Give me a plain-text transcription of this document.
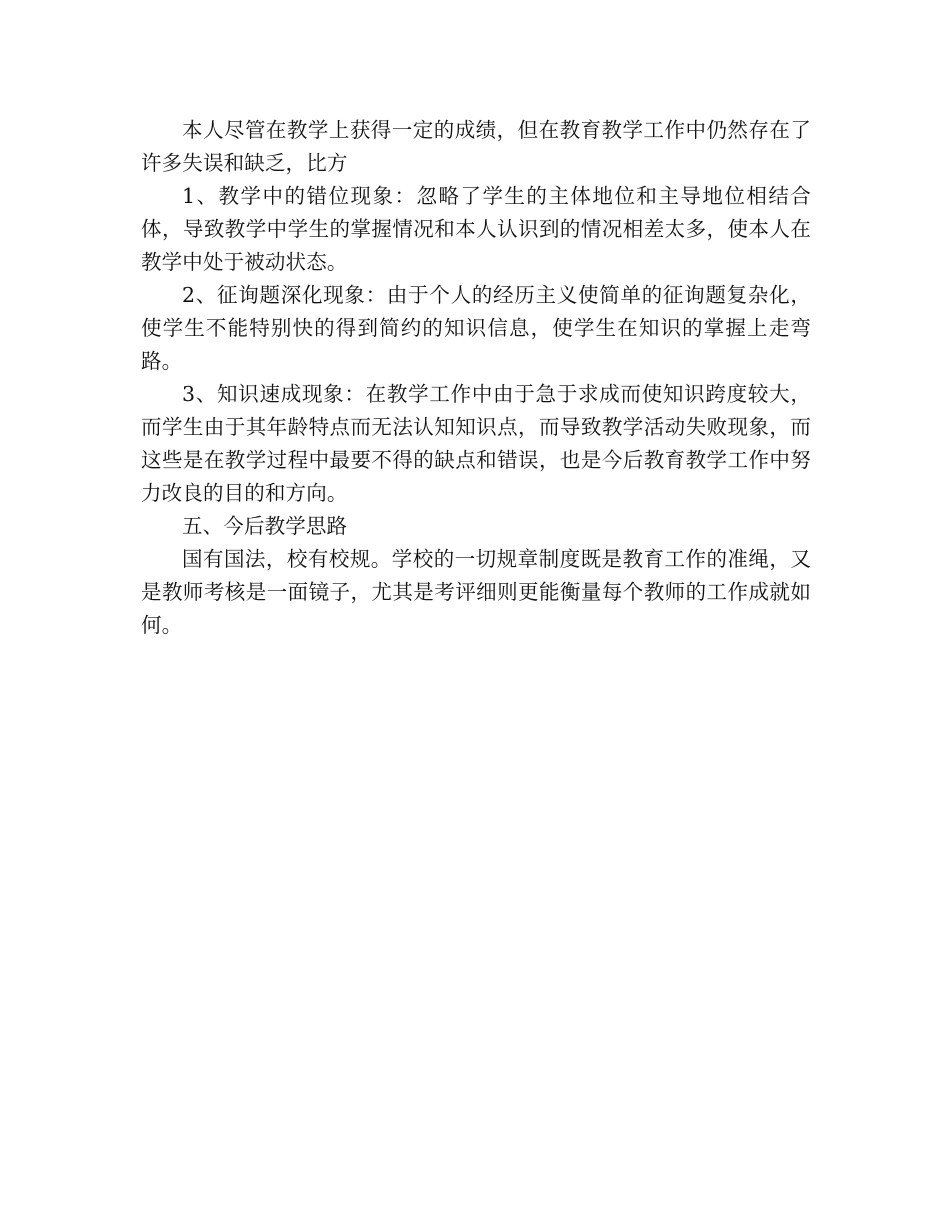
本人尽管在教学上获得一定的成绩，但在教育教学工作中仍然存在了许多失误和缺乏，比方

1、教学中的错位现象：忽略了学生的主体地位和主导地位相结合体，导致教学中学生的掌握情况和本人认识到的情况相差太多，使本人在教学中处于被动状态。

2、征询题深化现象：由于个人的经历主义使简单的征询题复杂化，使学生不能特别快的得到简约的知识信息，使学生在知识的掌握上走弯路。

3、知识速成现象：在教学工作中由于急于求成而使知识跨度较大，而学生由于其年龄特点而无法认知知识点，而导致教学活动失败现象，而这些是在教学过程中最要不得的缺点和错误，也是今后教育教学工作中努力改良的目的和方向。

五、今后教学思路

国有国法，校有校规。学校的一切规章制度既是教育工作的准绳，又是教师考核是一面镜子，尤其是考评细则更能衡量每个教师的工作成就如何。
